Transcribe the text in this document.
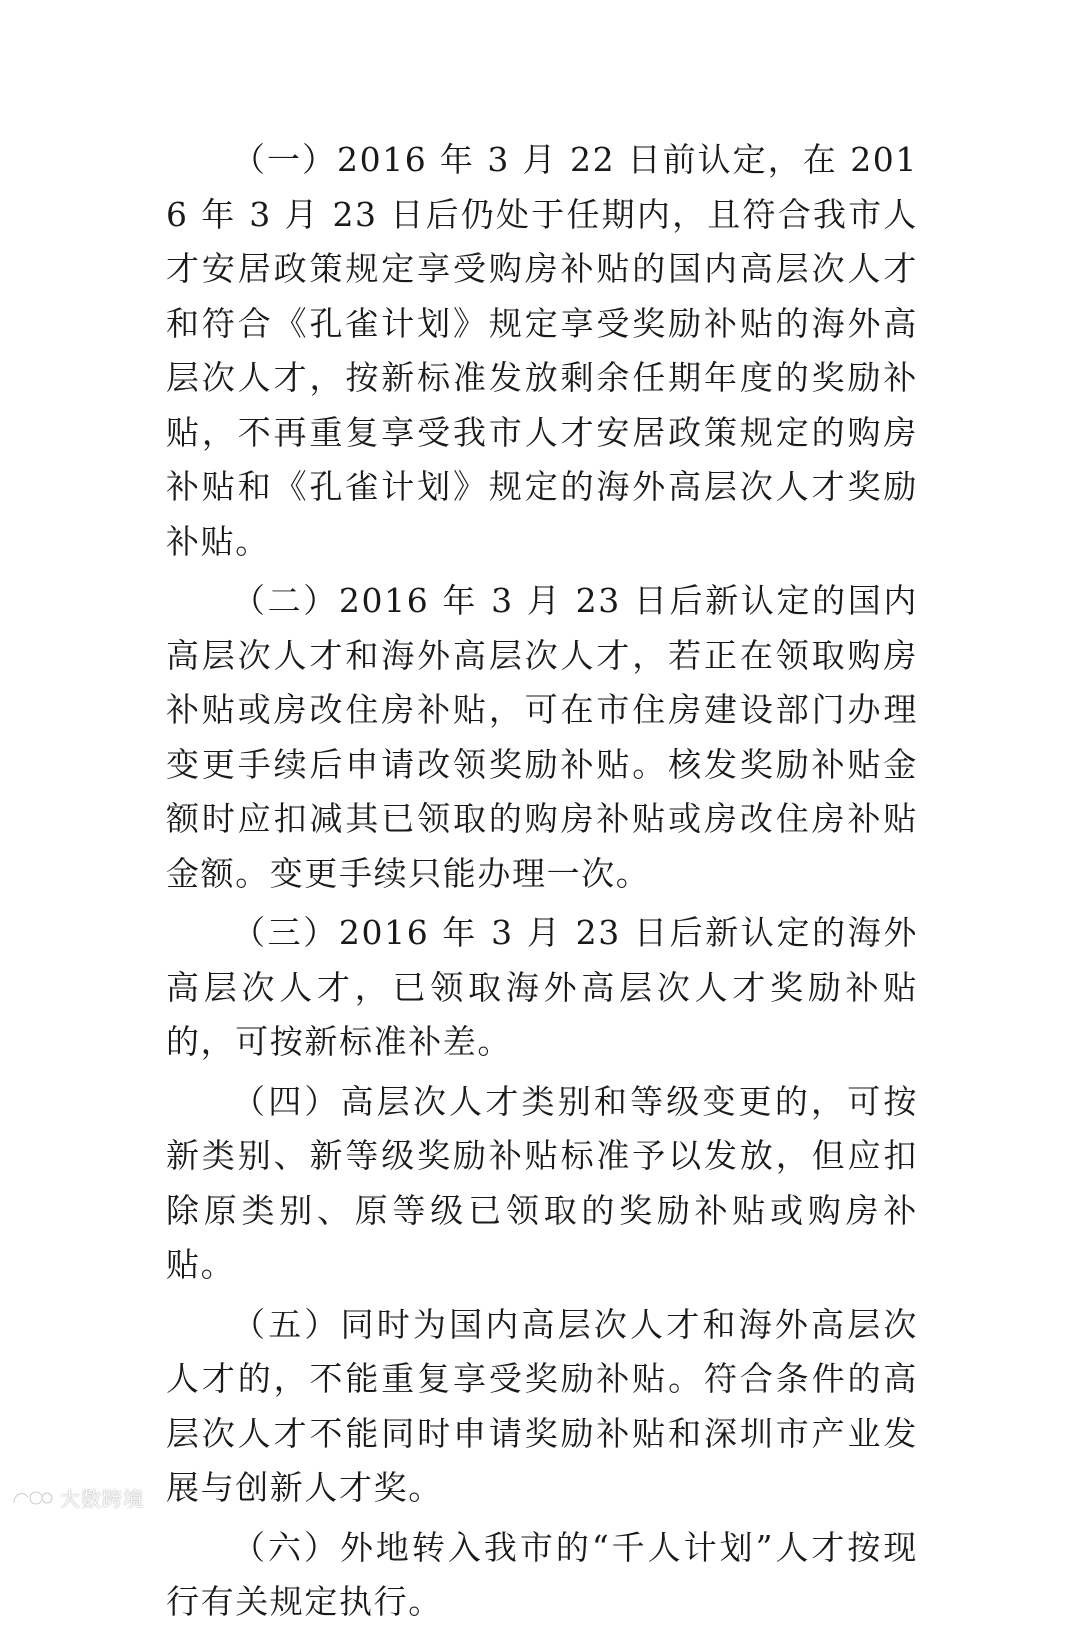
（一）2016 年 3 月 22 日前认定，在 2016 年 3 月 23 日后仍处于任期内，且符合我市人才安居政策规定享受购房补贴的国内高层次人才和符合《孔雀计划》规定享受奖励补贴的海外高层次人才，按新标准发放剩余任期年度的奖励补贴，不再重复享受我市人才安居政策规定的购房补贴和《孔雀计划》规定的海外高层次人才奖励补贴。

（二）2016 年 3 月 23 日后新认定的国内高层次人才和海外高层次人才，若正在领取购房补贴或房改住房补贴，可在市住房建设部门办理变更手续后申请改领奖励补贴。核发奖励补贴金额时应扣减其已领取的购房补贴或房改住房补贴金额。变更手续只能办理一次。

（三）2016 年 3 月 23 日后新认定的海外高层次人才，已领取海外高层次人才奖励补贴的，可按新标准补差。

（四）高层次人才类别和等级变更的，可按新类别、新等级奖励补贴标准予以发放，但应扣除原类别、原等级已领取的奖励补贴或购房补贴。

（五）同时为国内高层次人才和海外高层次人才的，不能重复享受奖励补贴。符合条件的高层次人才不能同时申请奖励补贴和深圳市产业发展与创新人才奖。

（六）外地转入我市的“千人计划”人才按现行有关规定执行。

大数跨境
